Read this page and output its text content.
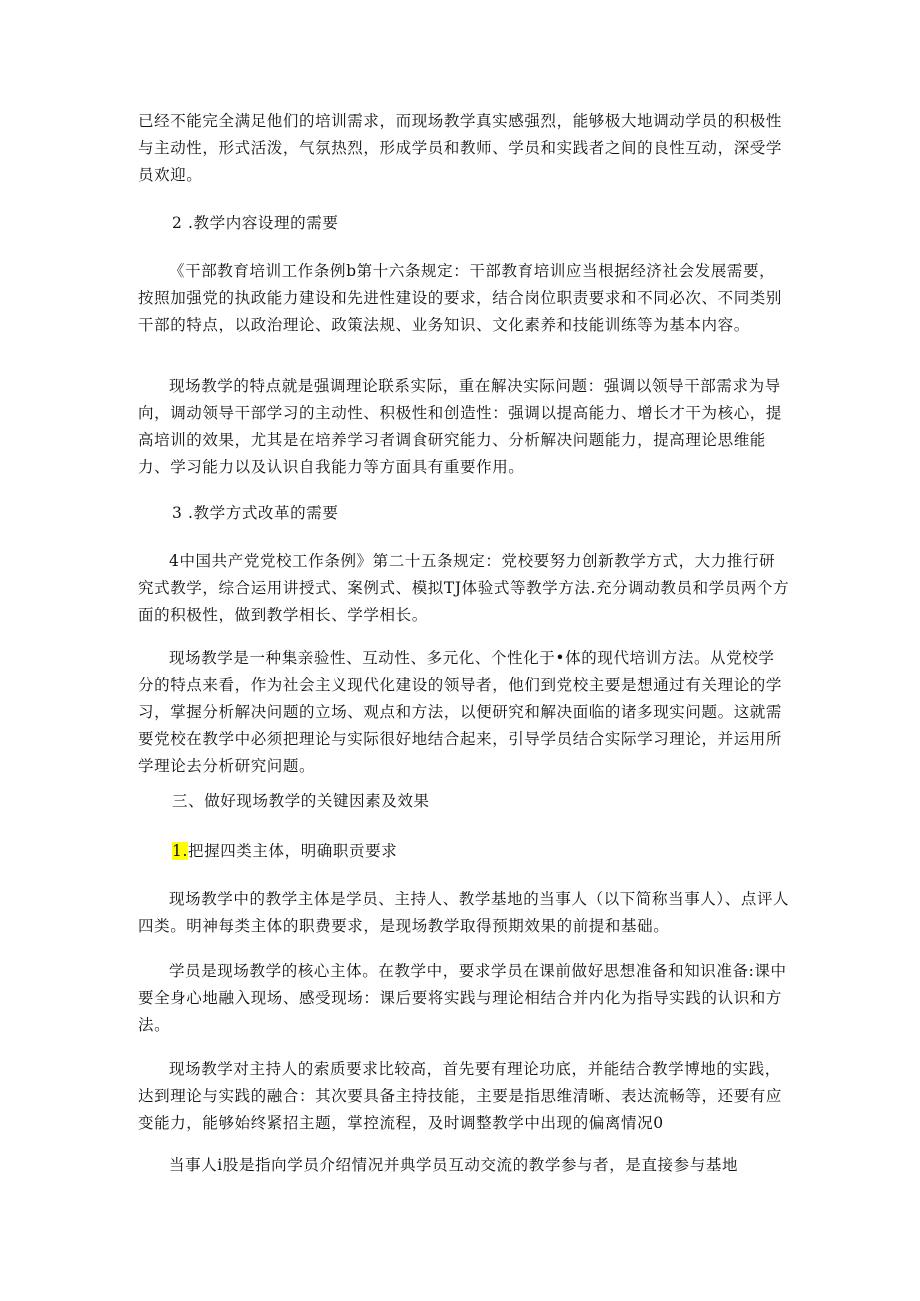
已经不能完全满足他们的培训需求，而现场教学真实感强烈，能够极大地调动学员的积极性与主动性，形式活泼，气氛热烈，形成学员和教师、学员和实践者之间的良性互动，深受学员欢迎。

2 .教学内容设理的需要

《干部教育培训工作条例b第十六条规定：干部教育培训应当根据经济社会发展需要，按照加强党的执政能力建设和先进性建设的要求，结合岗位职责要求和不同必次、不同类别干部的特点，以政治理论、政策法规、业务知识、文化素养和技能训练等为基本内容。

现场教学的特点就是强调理论联系实际，重在解决实际问题：强调以领导干部需求为导向，调动领导干部学习的主动性、积极性和创造性：强调以提高能力、增长才干为核心，提高培训的效果，尤其是在培养学习者调食研究能力、分析解决问题能力，提高理论思维能力、学习能力以及认识自我能力等方面具有重要作用。

3 .教学方式改革的需要

4中国共产党党校工作条例》第二十五条规定：党校要努力创新教学方式，大力推行研究式教学，综合运用讲授式、案例式、模拟TJ体验式等教学方法.充分调动教员和学员两个方面的积极性，做到教学相长、学学相长。

现场教学是一种集亲验性、互动性、多元化、个性化于•体的现代培训方法。从党校学分的特点来看，作为社会主义现代化建设的领导者，他们到党校主要是想通过有关理论的学习，掌握分析解决问题的立场、观点和方法，以便研究和解决面临的诸多现实问题。这就需要党校在教学中必须把理论与实际很好地结合起来，引导学员结合实际学习理论，并运用所学理论去分析研究问题。

三、做好现场教学的关键因素及效果

1.把握四类主体，明确职贡要求

现场教学中的教学主体是学员、主持人、教学基地的当事人（以下简称当事人）、点评人四类。明神每类主体的职费要求，是现场教学取得预期效果的前提和基础。

学员是现场教学的核心主体。在教学中，要求学员在课前做好思想准备和知识准备:课中要全身心地融入现场、感受现场：课后要将实践与理论相结合并内化为指导实践的认识和方法。

现场教学对主持人的索质要求比较高，首先要有理论功底，并能结合教学博地的实践，达到理论与实践的融合：其次要具备主持技能，主要是指思维清晰、表达流畅等，还要有应变能力，能够始终紧招主题，掌控流程，及时调整教学中出现的偏离情况0

当事人i股是指向学员介绍情况并典学员互动交流的教学参与者，是直接参与基地
